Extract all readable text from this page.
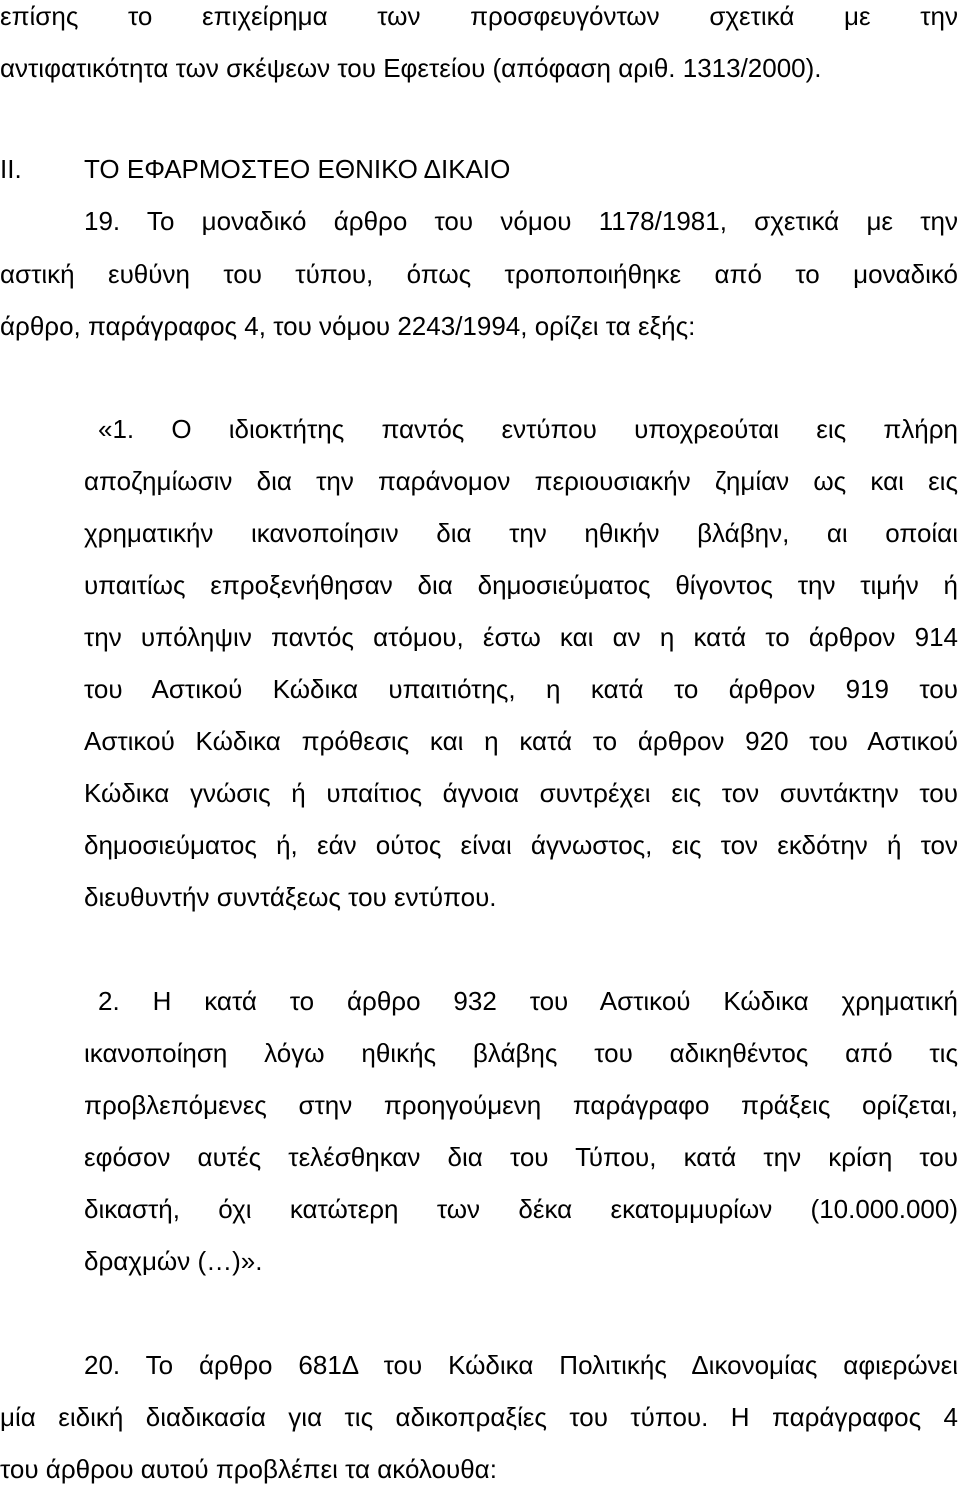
επίσης το επιχείρημα των προσφευγόντων σχετικά με την
αντιφατικότητα των σκέψεων του Εφετείου (απόφαση αριθ. 1313/2000).
II. ΤΟ ΕΦΑΡΜΟΣΤΕΟ ΕΘΝΙΚΟ ΔΙΚΑΙΟ
19. Το μοναδικό άρθρο του νόμου 1178/1981, σχετικά με την
αστική ευθύνη του τύπου, όπως τροποποιήθηκε από το μοναδικό
άρθρο, παράγραφος 4, του νόμου 2243/1994, ορίζει τα εξής:
«1. Ο ιδιοκτήτης παντός εντύπου υποχρεούται εις πλήρη
αποζημίωσιν δια την παράνομον περιουσιακήν ζημίαν ως και εις
χρηματικήν ικανοποίησιν δια την ηθικήν βλάβην, αι οποίαι
υπαιτίως επροξενήθησαν δια δημοσιεύματος θίγοντος την τιμήν ή
την υπόληψιν παντός ατόμου, έστω και αν η κατά το άρθρον 914
του Αστικού Κώδικα υπαιτιότης, η κατά το άρθρον 919 του
Αστικού Κώδικα πρόθεσις και η κατά το άρθρον 920 του Αστικού
Κώδικα γνώσις ή υπαίτιος άγνοια συντρέχει εις τον συντάκτην του
δημοσιεύματος ή, εάν ούτος είναι άγνωστος, εις τον εκδότην ή τον
διευθυντήν συντάξεως του εντύπου.
2. Η κατά το άρθρο 932 του Αστικού Κώδικα χρηματική
ικανοποίηση λόγω ηθικής βλάβης του αδικηθέντος από τις
προβλεπόμενες στην προηγούμενη παράγραφο πράξεις ορίζεται,
εφόσον αυτές τελέσθηκαν δια του Τύπου, κατά την κρίση του
δικαστή, όχι κατώτερη των δέκα εκατομμυρίων (10.000.000)
δραχμών (…)».
20. Το άρθρο 681Δ του Κώδικα Πολιτικής Δικονομίας αφιερώνει
μία ειδική διαδικασία για τις αδικοπραξίες του τύπου. Η παράγραφος 4
του άρθρου αυτού προβλέπει τα ακόλουθα:
